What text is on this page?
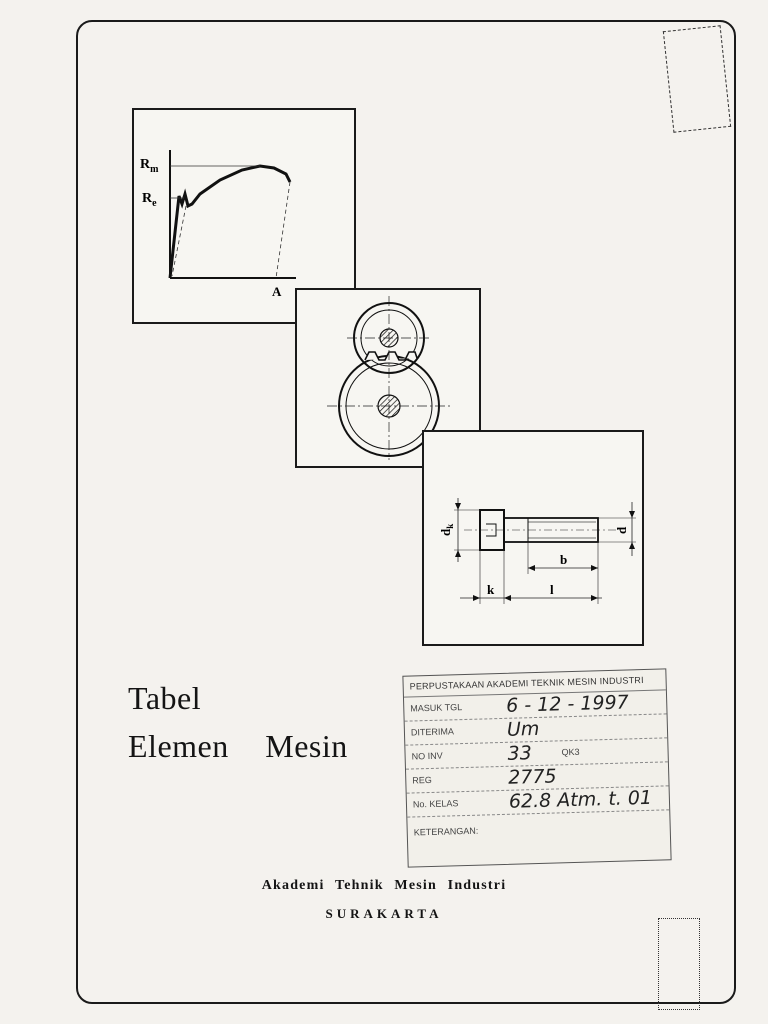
$R_m$
$R_e$
A
$d_k$
d
b
k	l
Tabel
Elemen Mesin
PERPUSTAKAAN AKADEMI TEKNIK MESIN INDUSTRI
MASUK TGL 6 - 12 - 1997
DITERIMA	Um
NO INV	33	QK3
REG	2775
No. KELAS	62.8 Atm. t. 01
KETERANGAN:

Akademi Tehnik Mesin Industri

SURAKARTA
